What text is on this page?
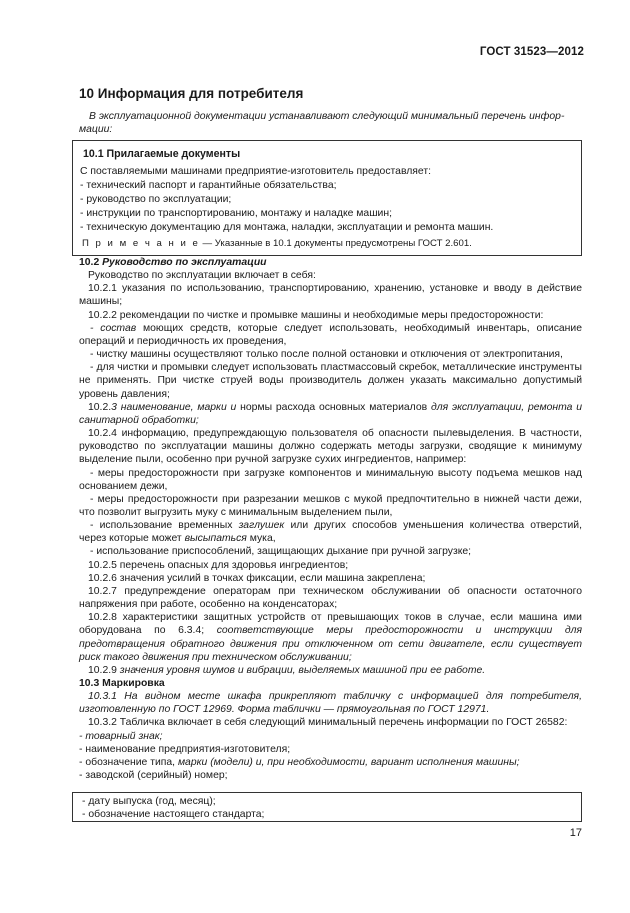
ГОСТ 31523—2012
10 Информация для потребителя

В эксплуатационной документации устанавливают следующий минимальный перечень инфор-
мации:

10.1 Прилагаемые документы
С поставляемыми машинами предприятие-изготовитель предоставляет:
- технический паспорт и гарантийные обязательства;
- руководство по эксплуатации;
- инструкции по транспортированию, монтажу и наладке машин;
- техническую документацию для монтажа, наладки, эксплуатации и ремонта машин.
П р и м е ч а н и е — Указанные в 10.1 документы предусмотрены ГОСТ 2.601.

10.2 Руководство по эксплуатации

Руководство по эксплуатации включает в себя:

10.2.1 указания по использованию, транспортированию, хранению, установке и вводу в действие машины;

10.2.2 рекомендации по чистке и промывке машины и необходимые меры предосторожности:

- состав моющих средств, которые следует использовать, необходимый инвентарь, описание операций и периодичность их проведения,

- чистку машины осуществляют только после полной остановки и отключения от электропитания,

- для чистки и промывки следует использовать пластмассовый скребок, металлические инструменты не применять. При чистке струей воды производитель должен указать максимально допустимый уровень давления;

10.2.3 наименование, марки и нормы расхода основных материалов для эксплуатации, ремонта и санитарной обработки;

10.2.4 информацию, предупреждающую пользователя об опасности пылевыделения. В частности, руководство по эксплуатации машины должно содержать методы загрузки, сводящие к минимуму выделение пыли, особенно при ручной загрузке сухих ингредиентов, например:

- меры предосторожности при загрузке компонентов и минимальную высоту подъема мешков над основанием дежи,

- меры предосторожности при разрезании мешков с мукой предпочтительно в нижней части дежи, что позволит выгрузить муку с минимальным выделением пыли,

- использование временных заглушек или других способов уменьшения количества отверстий, через которые может высыпаться мука,

- использование приспособлений, защищающих дыхание при ручной загрузке;

10.2.5 перечень опасных для здоровья ингредиентов;

10.2.6 значения усилий в точках фиксации, если машина закреплена;

10.2.7 предупреждение операторам при техническом обслуживании об опасности остаточного напряжения при работе, особенно на конденсаторах;

10.2.8 характеристики защитных устройств от превышающих токов в случае, если машина ими оборудована по 6.3.4; соответствующие меры предосторожности и инструкции для предотвращения обратного движения при отключенном от сети двигателе, если существует риск такого движения при техническом обслуживании;

10.2.9 значения уровня шумов и вибрации, выделяемых машиной при ее работе.

10.3 Маркировка

10.3.1 На видном месте шкафа прикрепляют табличку с информацией для потребителя, изготовленную по ГОСТ 12969. Форма таблички — прямоугольная по ГОСТ 12971.

10.3.2 Табличка включает в себя следующий минимальный перечень информации по ГОСТ 26582:

- товарный знак;

- наименование предприятия-изготовителя;

- обозначение типа, марки (модели) и, при необходимости, вариант исполнения машины;

- заводской (серийный) номер;

- дату выпуска (год, месяц);
- обозначение настоящего стандарта;
17
